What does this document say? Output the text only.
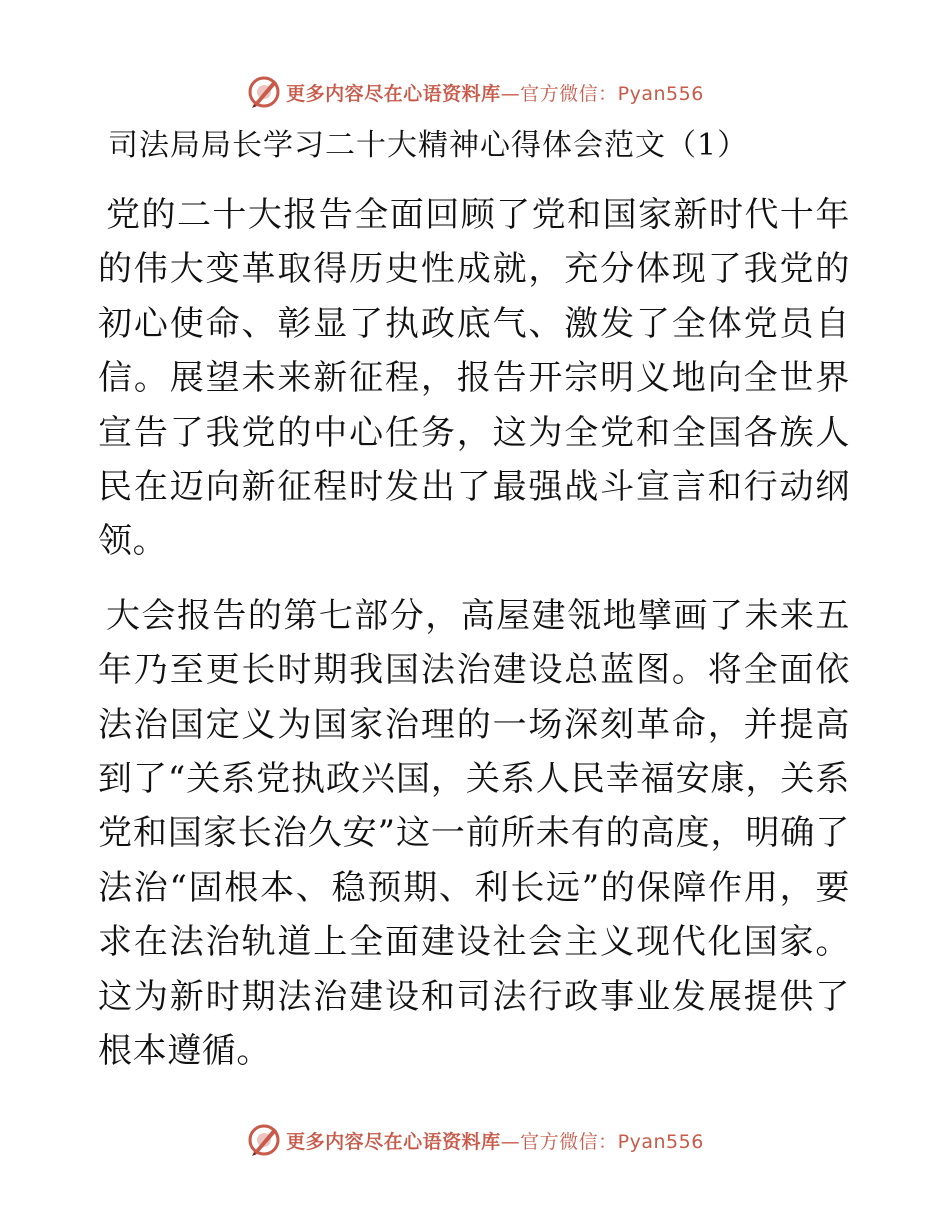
更多内容尽在心语资料库—官方微信：Pyan556
司法局局长学习二十大精神心得体会范文（1）

党的二十大报告全面回顾了党和国家新时代十年的伟大变革取得历史性成就，充分体现了我党的初心使命、彰显了执政底气、激发了全体党员自信。展望未来新征程，报告开宗明义地向全世界宣告了我党的中心任务，这为全党和全国各族人民在迈向新征程时发出了最强战斗宣言和行动纲领。

大会报告的第七部分，高屋建瓴地擘画了未来五年乃至更长时期我国法治建设总蓝图。将全面依法治国定义为国家治理的一场深刻革命，并提高到了“关系党执政兴国，关系人民幸福安康，关系党和国家长治久安”这一前所未有的高度，明确了法治“固根本、稳预期、利长远”的保障作用，要求在法治轨道上全面建设社会主义现代化国家。这为新时期法治建设和司法行政事业发展提供了根本遵循。

更多内容尽在心语资料库—官方微信：Pyan556
